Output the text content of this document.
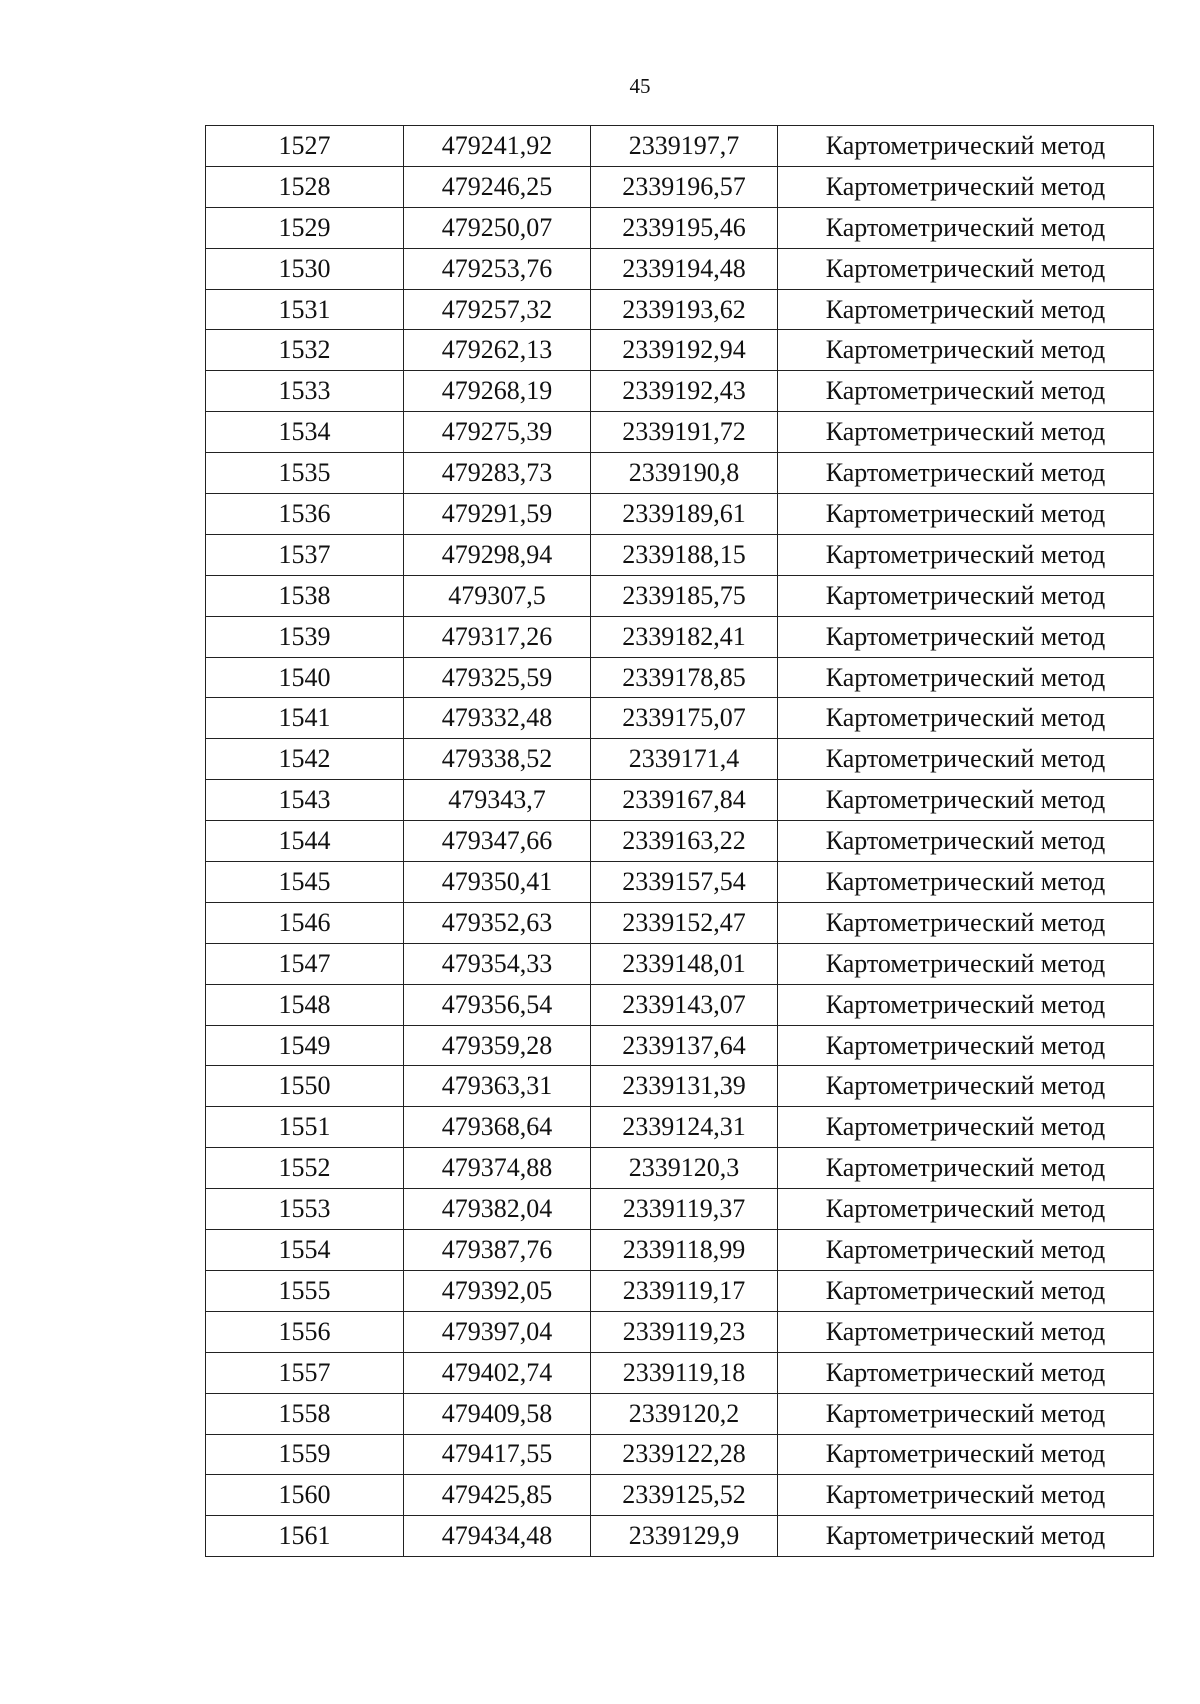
45
1527	479241,92	2339197,7	Картометрический метод
1528	479246,25	2339196,57	Картометрический метод
1529	479250,07	2339195,46	Картометрический метод
1530	479253,76	2339194,48	Картометрический метод
1531	479257,32	2339193,62	Картометрический метод
1532	479262,13	2339192,94	Картометрический метод
1533	479268,19	2339192,43	Картометрический метод
1534	479275,39	2339191,72	Картометрический метод
1535	479283,73	2339190,8	Картометрический метод
1536	479291,59	2339189,61	Картометрический метод
1537	479298,94	2339188,15	Картометрический метод
1538	479307,5	2339185,75	Картометрический метод
1539	479317,26	2339182,41	Картометрический метод
1540	479325,59	2339178,85	Картометрический метод
1541	479332,48	2339175,07	Картометрический метод
1542	479338,52	2339171,4	Картометрический метод
1543	479343,7	2339167,84	Картометрический метод
1544	479347,66	2339163,22	Картометрический метод
1545	479350,41	2339157,54	Картометрический метод
1546	479352,63	2339152,47	Картометрический метод
1547	479354,33	2339148,01	Картометрический метод
1548	479356,54	2339143,07	Картометрический метод
1549	479359,28	2339137,64	Картометрический метод
1550	479363,31	2339131,39	Картометрический метод
1551	479368,64	2339124,31	Картометрический метод
1552	479374,88	2339120,3	Картометрический метод
1553	479382,04	2339119,37	Картометрический метод
1554	479387,76	2339118,99	Картометрический метод
1555	479392,05	2339119,17	Картометрический метод
1556	479397,04	2339119,23	Картометрический метод
1557	479402,74	2339119,18	Картометрический метод
1558	479409,58	2339120,2	Картометрический метод
1559	479417,55	2339122,28	Картометрический метод
1560	479425,85	2339125,52	Картометрический метод
1561	479434,48	2339129,9	Картометрический метод
